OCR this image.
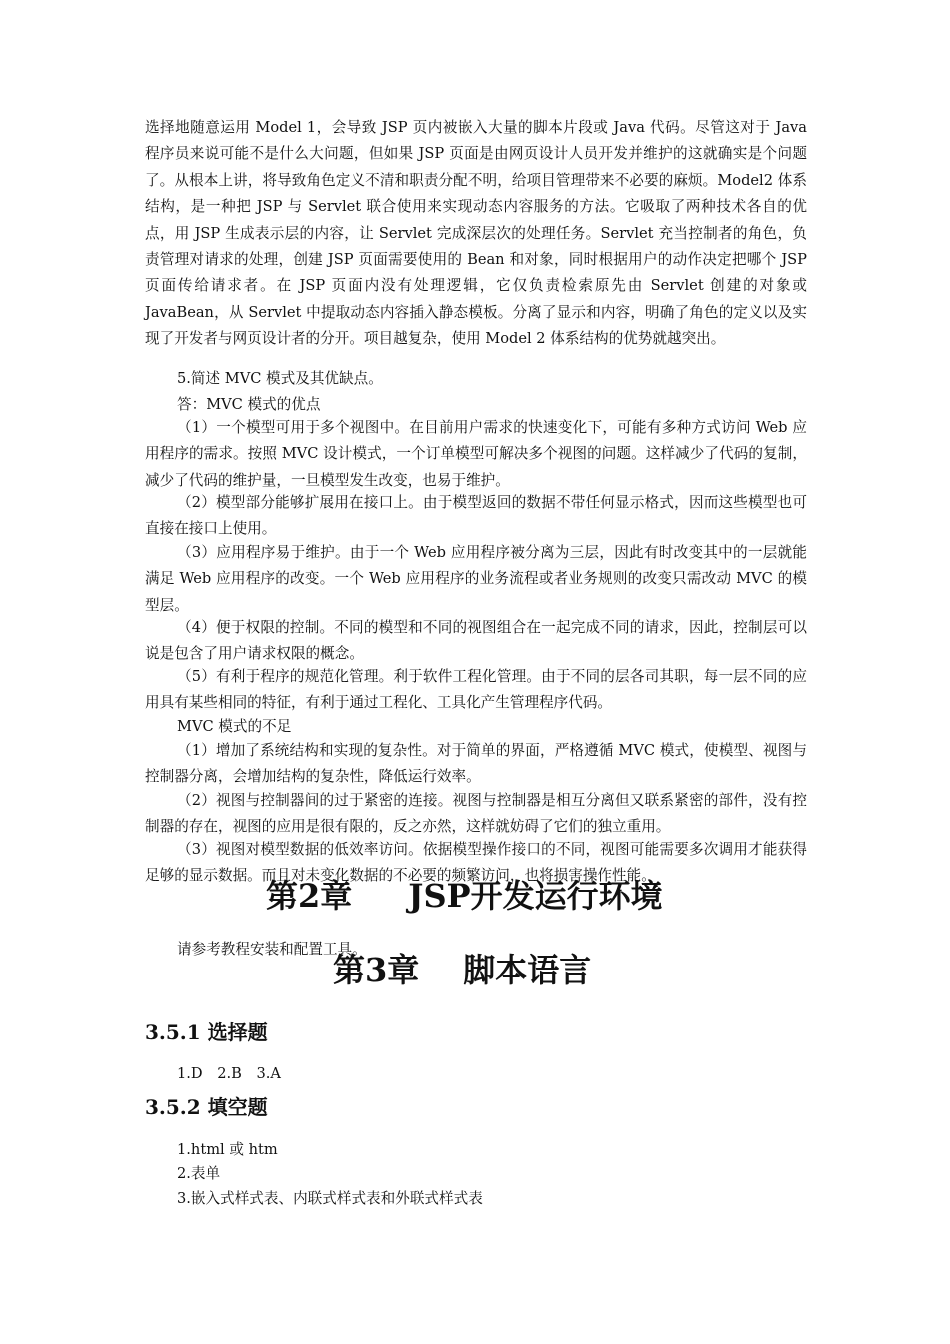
选择地随意运用 Model 1，会导致 JSP 页内被嵌入大量的脚本片段或 Java 代码。尽管这对于 Java 程序员来说可能不是什么大问题，但如果 JSP 页面是由网页设计人员开发并维护的这就确实是个问题了。从根本上讲，将导致角色定义不清和职责分配不明，给项目管理带来不必要的麻烦。Model2 体系结构，是一种把 JSP 与 Servlet 联合使用来实现动态内容服务的方法。它吸取了两种技术各自的优点，用 JSP 生成表示层的内容，让 Servlet 完成深层次的处理任务。Servlet 充当控制者的角色，负责管理对请求的处理，创建 JSP 页面需要使用的 Bean 和对象，同时根据用户的动作决定把哪个 JSP 页面传给请求者。在 JSP 页面内没有处理逻辑，它仅负责检索原先由 Servlet 创建的对象或 JavaBean，从 Servlet 中提取动态内容插入静态模板。分离了显示和内容，明确了角色的定义以及实现了开发者与网页设计者的分开。项目越复杂，使用 Model 2 体系结构的优势就越突出。

5.简述 MVC 模式及其优缺点。

答：MVC 模式的优点

（1）一个模型可用于多个视图中。在目前用户需求的快速变化下，可能有多种方式访问 Web 应用程序的需求。按照 MVC 设计模式，一个订单模型可解决多个视图的问题。这样减少了代码的复制，减少了代码的维护量，一旦模型发生改变，也易于维护。

（2）模型部分能够扩展用在接口上。由于模型返回的数据不带任何显示格式，因而这些模型也可直接在接口上使用。

（3）应用程序易于维护。由于一个 Web 应用程序被分离为三层，因此有时改变其中的一层就能满足 Web 应用程序的改变。一个 Web 应用程序的业务流程或者业务规则的改变只需改动 MVC 的模型层。

（4）便于权限的控制。不同的模型和不同的视图组合在一起完成不同的请求，因此，控制层可以说是包含了用户请求权限的概念。

（5）有利于程序的规范化管理。利于软件工程化管理。由于不同的层各司其职，每一层不同的应用具有某些相同的特征，有利于通过工程化、工具化产生管理程序代码。

MVC 模式的不足

（1）增加了系统结构和实现的复杂性。对于简单的界面，严格遵循 MVC 模式，使模型、视图与控制器分离，会增加结构的复杂性，降低运行效率。

（2）视图与控制器间的过于紧密的连接。视图与控制器是相互分离但又联系紧密的部件，没有控制器的存在，视图的应用是很有限的，反之亦然，这样就妨碍了它们的独立重用。

（3）视图对模型数据的低效率访问。依据模型操作接口的不同，视图可能需要多次调用才能获得足够的显示数据。而且对未变化数据的不必要的频繁访问，也将损害操作性能。

第2章 JSP开发运行环境

请参考教程安装和配置工具。

第3章 脚本语言
3.5.1 选择题

1.D　2.B　3.A

3.5.2 填空题

1.html 或 htm

2.表单

3.嵌入式样式表、内联式样式表和外联式样式表
